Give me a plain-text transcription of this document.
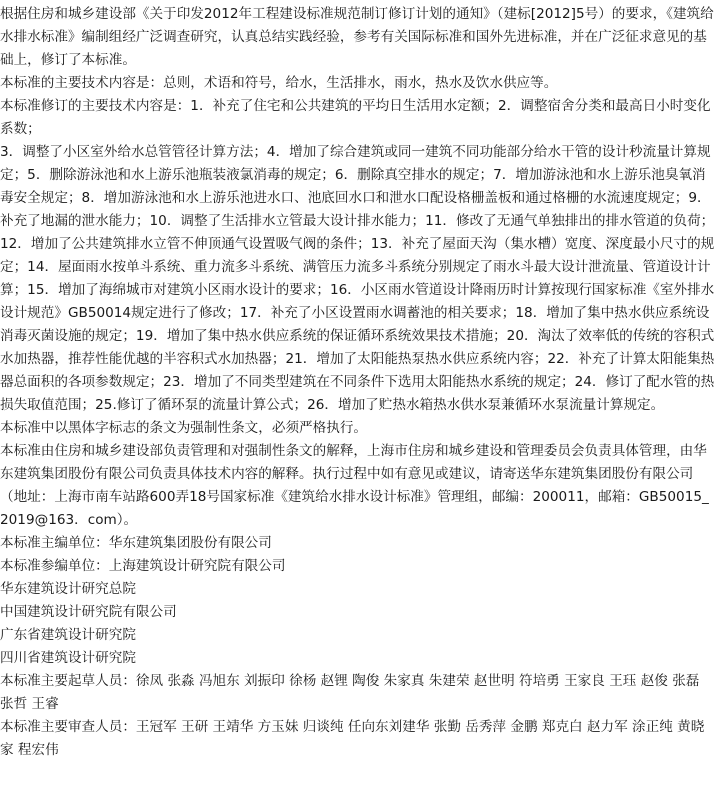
根据住房和城乡建设部《关于印发2012年工程建设标准规范制订修订计划的通知》（建标[2012]5号）的要求，《建筑给水排水标准》编制组经广泛调查研究，认真总结实践经验，参考有关国际标准和国外先进标准，并在广泛征求意见的基础上，修订了本标准。

本标准的主要技术内容是：总则，术语和符号，给水，生活排水，雨水，热水及饮水供应等。

本标准修订的主要技术内容是：1．补充了住宅和公共建筑的平均日生活用水定额；2．调整宿舍分类和最高日小时变化系数；

3．调整了小区室外给水总管管径计算方法；4．增加了综合建筑或同一建筑不同功能部分给水干管的设计秒流量计算规定；5．删除游泳池和水上游乐池瓶装液氯消毒的规定；6．删除真空排水的规定；7．增加游泳池和水上游乐池臭氧消毒安全规定；8．增加游泳池和水上游乐池进水口、池底回水口和泄水口配设格栅盖板和通过格栅的水流速度规定；9．补充了地漏的泄水能力；10．调整了生活排水立管最大设计排水能力；11．修改了无通气单独排出的排水管道的负荷；12．增加了公共建筑排水立管不伸顶通气设置吸气阀的条件；13．补充了屋面天沟（集水槽）宽度、深度最小尺寸的规定；14．屋面雨水按单斗系统、重力流多斗系统、满管压力流多斗系统分别规定了雨水斗最大设计泄流量、管道设计计算；15．增加了海绵城市对建筑小区雨水设计的要求；16．小区雨水管道设计降雨历时计算按现行国家标准《室外排水设计规范》GB50014规定进行了修改；17．补充了小区设置雨水调蓄池的相关要求；18．增加了集中热水供应系统设消毒灭菌设施的规定；19．增加了集中热水供应系统的保证循环系统效果技术措施；20．淘汰了效率低的传统的容积式水加热器，推荐性能优越的半容积式水加热器；21．增加了太阳能热泵热水供应系统内容；22．补充了计算太阳能集热器总面积的各项参数规定；23．增加了不同类型建筑在不同条件下选用太阳能热水系统的规定；24．修订了配水管的热损失取值范围；25.修订了循环泵的流量计算公式；26．增加了贮热水箱热水供水泵兼循环水泵流量计算规定。

本标准中以黑体字标志的条文为强制性条文，必须严格执行。

本标准由住房和城乡建设部负责管理和对强制性条文的解释，上海市住房和城乡建设和管理委员会负责具体管理，由华东建筑集团股份有限公司负责具体技术内容的解释。执行过程中如有意见或建议，请寄送华东建筑集团股份有限公司（地址：上海市南车站路600弄18号国家标准《建筑给水排水设计标准》管理组，邮编：200011，邮箱：GB50015_2019@163．com）。

本标准主编单位：华东建筑集团股份有限公司

本标准参编单位：上海建筑设计研究院有限公司

华东建筑设计研究总院

中国建筑设计研究院有限公司

广东省建筑设计研究院

四川省建筑设计研究院

本标准主要起草人员：徐凤 张淼 冯旭东 刘振印 徐杨 赵锂 陶俊 朱家真 朱建荣 赵世明 符培勇 王家良 王珏 赵俊 张磊 张哲 王睿

本标准主要审查人员：王冠军 王研 王靖华 方玉妹 归谈纯 任向东刘建华 张勤 岳秀萍 金鹏 郑克白 赵力军 涂正纯 黄晓家 程宏伟
